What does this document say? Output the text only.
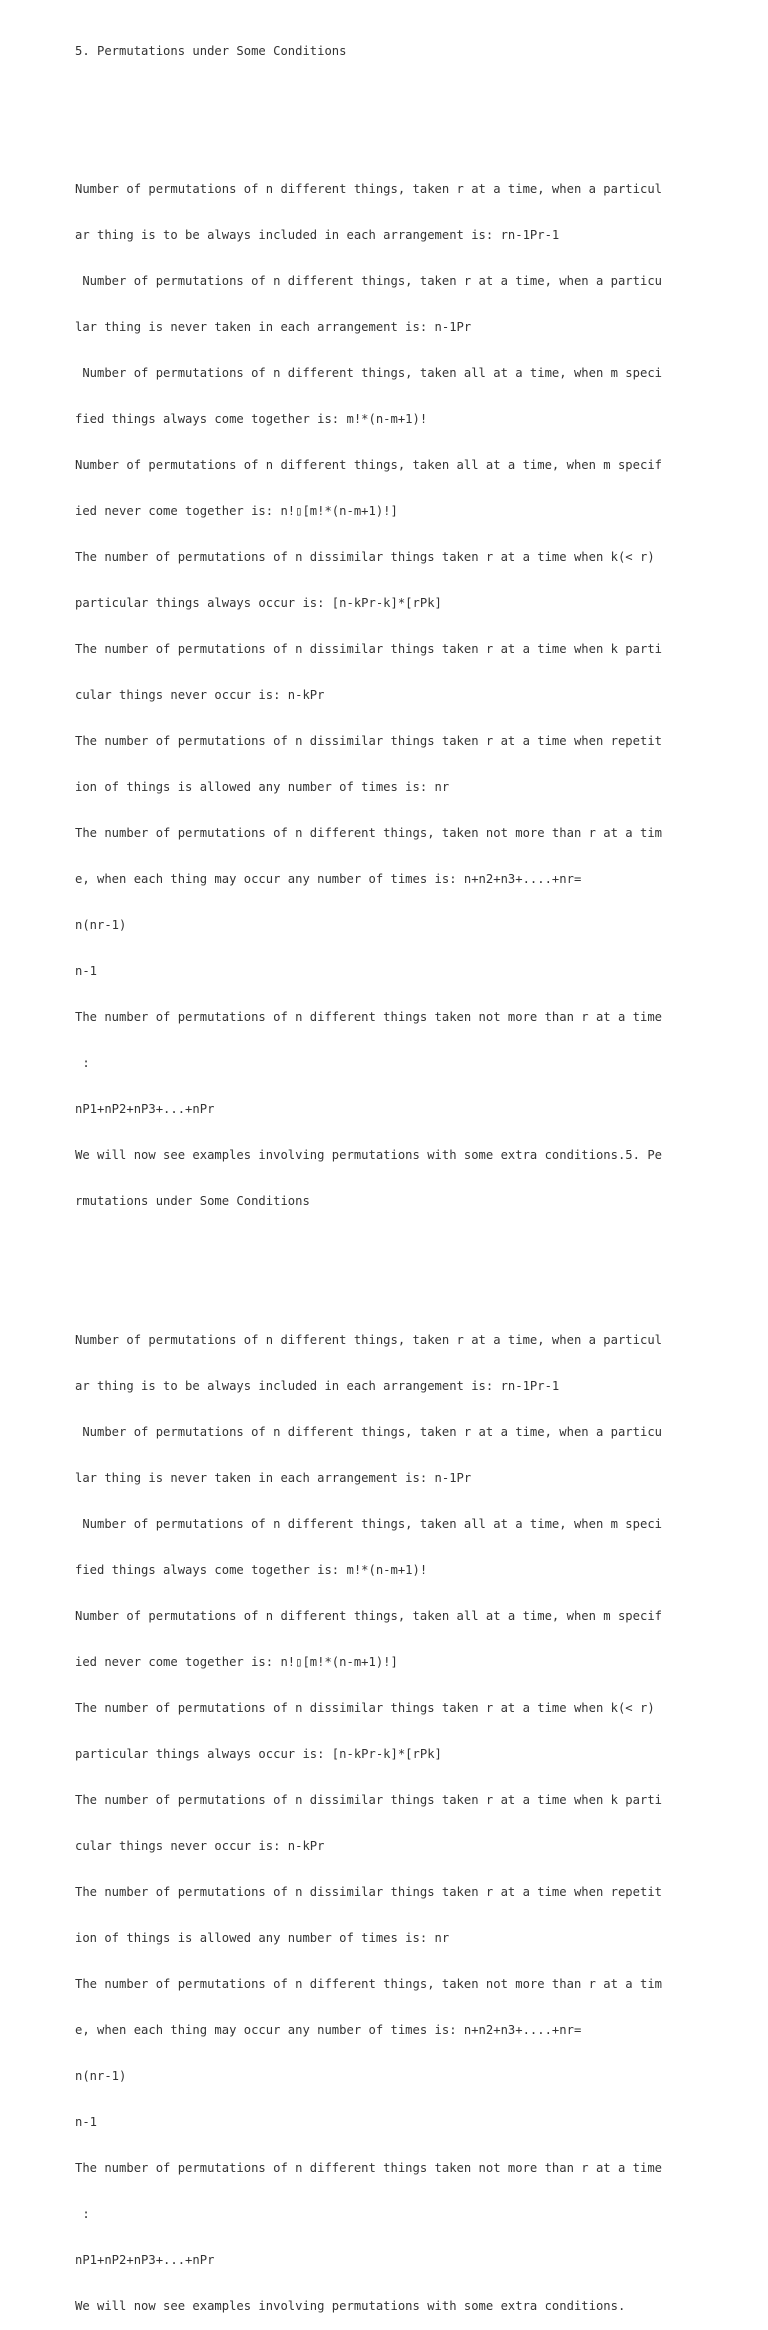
5. Permutations under Some Conditions

Number of permutations of n different things, taken r at a time, when a particul

ar thing is to be always included in each arrangement is: rn-1Pr-1

Number of permutations of n different things, taken r at a time, when a particu

lar thing is never taken in each arrangement is: n-1Pr

Number of permutations of n different things, taken all at a time, when m speci

fied things always come together is: m!*(n-m+1)!

Number of permutations of n different things, taken all at a time, when m specif

ied never come together is: n!▯[m!*(n-m+1)!]

The number of permutations of n dissimilar things taken r at a time when k(< r)

particular things always occur is: [n-kPr-k]*[rPk]

The number of permutations of n dissimilar things taken r at a time when k parti

cular things never occur is: n-kPr

The number of permutations of n dissimilar things taken r at a time when repetit

ion of things is allowed any number of times is: nr

The number of permutations of n different things, taken not more than r at a tim

e, when each thing may occur any number of times is: n+n2+n3+....+nr=

n(nr-1)

n-1

The number of permutations of n different things taken not more than r at a time

:

nP1+nP2+nP3+...+nPr

We will now see examples involving permutations with some extra conditions.5. Pe

rmutations under Some Conditions

Number of permutations of n different things, taken r at a time, when a particul

ar thing is to be always included in each arrangement is: rn-1Pr-1

Number of permutations of n different things, taken r at a time, when a particu

lar thing is never taken in each arrangement is: n-1Pr

Number of permutations of n different things, taken all at a time, when m speci

fied things always come together is: m!*(n-m+1)!

Number of permutations of n different things, taken all at a time, when m specif

ied never come together is: n!▯[m!*(n-m+1)!]

The number of permutations of n dissimilar things taken r at a time when k(< r)

particular things always occur is: [n-kPr-k]*[rPk]

The number of permutations of n dissimilar things taken r at a time when k parti

cular things never occur is: n-kPr

The number of permutations of n dissimilar things taken r at a time when repetit

ion of things is allowed any number of times is: nr

The number of permutations of n different things, taken not more than r at a tim

e, when each thing may occur any number of times is: n+n2+n3+....+nr=

n(nr-1)

n-1

The number of permutations of n different things taken not more than r at a time

:

nP1+nP2+nP3+...+nPr

We will now see examples involving permutations with some extra conditions.
